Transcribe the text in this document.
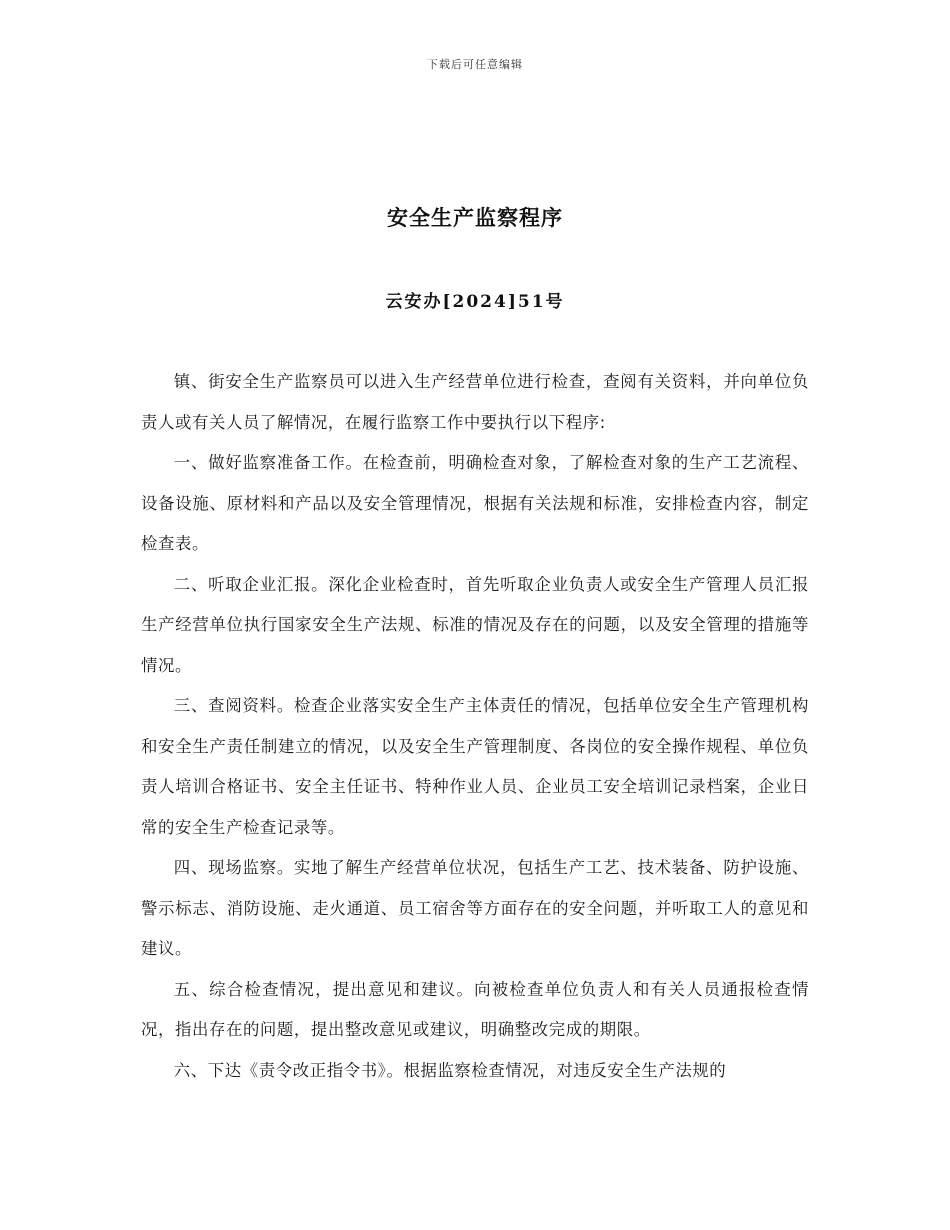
下载后可任意编辑
安全生产监察程序
云安办[2024]51号

镇、街安全生产监察员可以进入生产经营单位进行检查，查阅有关资料，并向单位负责人或有关人员了解情况，在履行监察工作中要执行以下程序:

一、做好监察准备工作。在检查前，明确检查对象，了解检查对象的生产工艺流程、设备设施、原材料和产品以及安全管理情况，根据有关法规和标准，安排检查内容，制定检查表。

二、听取企业汇报。深化企业检查时，首先听取企业负责人或安全生产管理人员汇报生产经营单位执行国家安全生产法规、标准的情况及存在的问题，以及安全管理的措施等情况。

三、查阅资料。检查企业落实安全生产主体责任的情况，包括单位安全生产管理机构和安全生产责任制建立的情况，以及安全生产管理制度、各岗位的安全操作规程、单位负责人培训合格证书、安全主任证书、特种作业人员、企业员工安全培训记录档案，企业日常的安全生产检查记录等。

四、现场监察。实地了解生产经营单位状况，包括生产工艺、技术装备、防护设施、警示标志、消防设施、走火通道、员工宿舍等方面存在的安全问题，并听取工人的意见和建议。

五、综合检查情况，提出意见和建议。向被检查单位负责人和有关人员通报检查情况，指出存在的问题，提出整改意见或建议，明确整改完成的期限。

六、下达《责令改正指令书》。根据监察检查情况，对违反安全生产法规的
